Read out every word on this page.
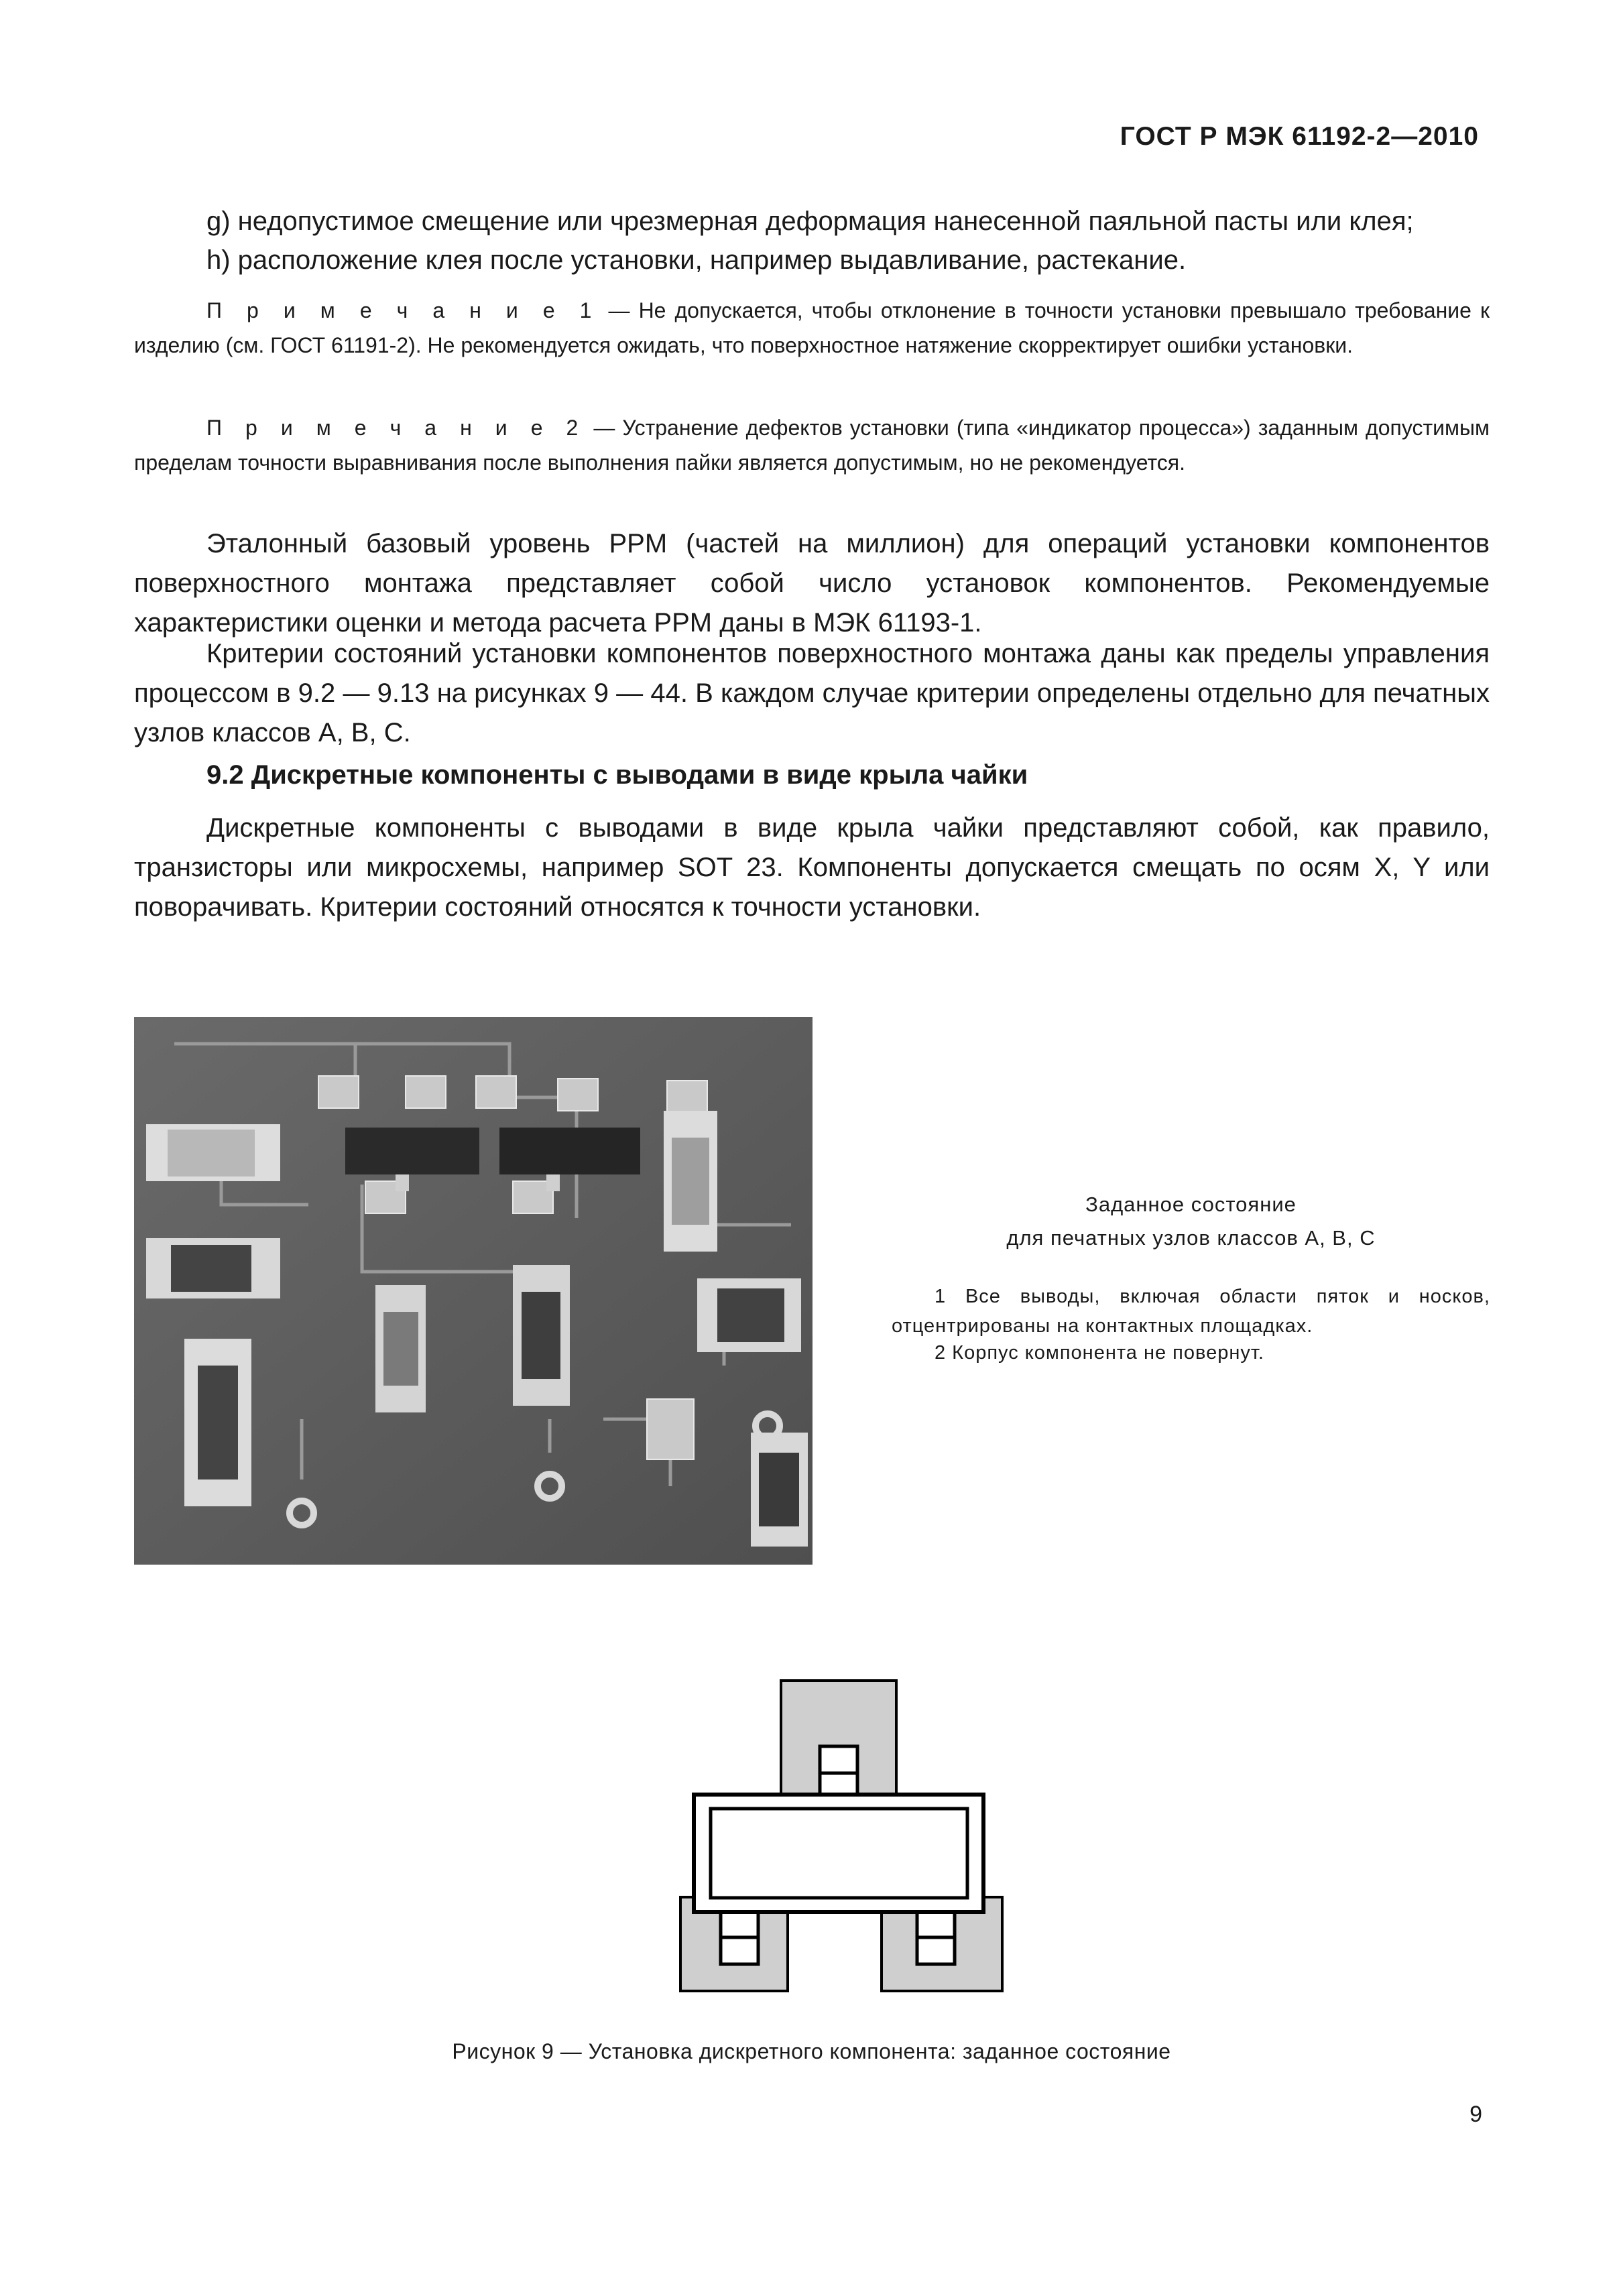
ГОСТ Р МЭК 61192-2—2010
g) недопустимое смещение или чрезмерная деформация нанесенной паяльной пасты или клея;
h) расположение клея после установки, например выдавливание, растекание.
П р и м е ч а н и е 1 — Не допускается, чтобы отклонение в точности установки превышало требование к изделию (см. ГОСТ 61191-2). Не рекомендуется ожидать, что поверхностное натяжение скорректирует ошибки установки.
П р и м е ч а н и е 2 — Устранение дефектов установки (типа «индикатор процесса») заданным допустимым пределам точности выравнивания после выполнения пайки является допустимым, но не рекомендуется.
Эталонный базовый уровень PPM (частей на миллион) для операций установки компонентов поверхностного монтажа представляет собой число установок компонентов. Рекомендуемые характеристики оценки и метода расчета PPM даны в МЭК 61193-1.
Критерии состояний установки компонентов поверхностного монтажа даны как пределы управления процессом в 9.2 — 9.13 на рисунках 9 — 44. В каждом случае критерии определены отдельно для печатных узлов классов А, В, С.
9.2 Дискретные компоненты с выводами в виде крыла чайки
Дискретные компоненты с выводами в виде крыла чайки представляют собой, как правило, транзисторы или микросхемы, например SOT 23. Компоненты допускается смещать по осям X, Y или поворачивать. Критерии состояний относятся к точности установки.
Заданное состояние
для печатных узлов классов А, В, С
1 Все выводы, включая области пяток и носков, отцентрированы на контактных площадках.
2 Корпус компонента не повернут.
Рисунок 9 — Установка дискретного компонента: заданное состояние
9
